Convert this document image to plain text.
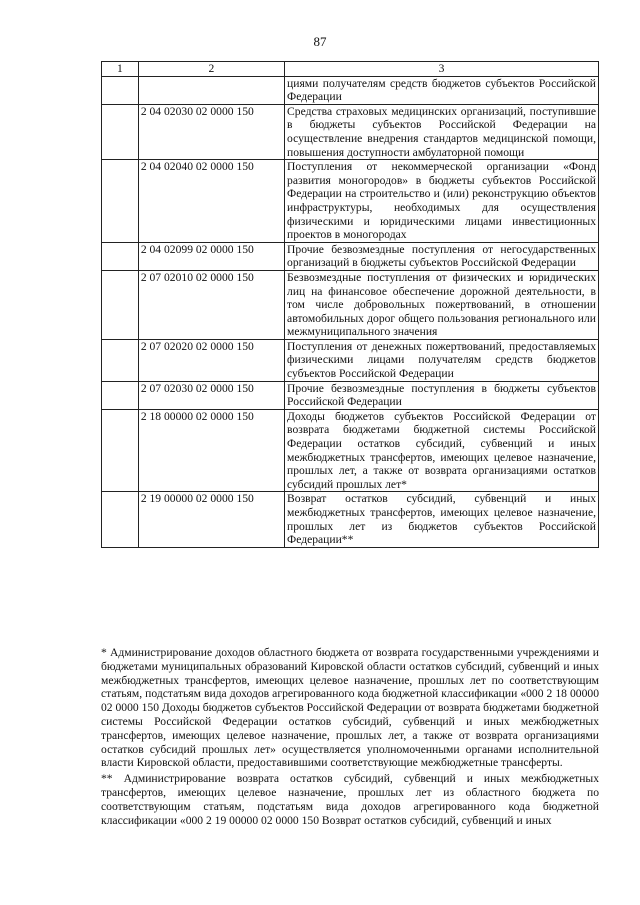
87
1	2	3
		циями получателям средств бюджетов субъектов Российской Федерации
	2 04 02030 02 0000 150	Средства страховых медицинских организаций, поступившие в бюджеты субъектов Российской Федерации на осуществление внедрения стандартов медицинской помощи, повышения доступности амбулаторной помощи
	2 04 02040 02 0000 150	Поступления от некоммерческой организации «Фонд развития моногородов» в бюджеты субъектов Российской Федерации на строительство и (или) реконструкцию объектов инфраструктуры, необходимых для осуществления физическими и юридическими лицами инвестиционных проектов в моногородах
	2 04 02099 02 0000 150	Прочие безвозмездные поступления от негосударственных организаций в бюджеты субъектов Российской Федерации
	2 07 02010 02 0000 150	Безвозмездные поступления от физических и юридических лиц на финансовое обеспечение дорожной деятельности, в том числе добровольных пожертвований, в отношении автомобильных дорог общего пользования регионального или межмуниципального значения
	2 07 02020 02 0000 150	Поступления от денежных пожертвований, предоставляемых физическими лицами получателям средств бюджетов субъектов Российской Федерации
	2 07 02030 02 0000 150	Прочие безвозмездные поступления в бюджеты субъектов Российской Федерации
	2 18 00000 02 0000 150	Доходы бюджетов субъектов Российской Федерации от возврата бюджетами бюджетной системы Российской Федерации остатков субсидий, субвенций и иных межбюджетных трансфертов, имеющих целевое назначение, прошлых лет, а также от возврата организациями остатков субсидий прошлых лет*
	2 19 00000 02 0000 150	Возврат остатков субсидий, субвенций и иных межбюджетных трансфертов, имеющих целевое назначение, прошлых лет из бюджетов субъектов Российской Федерации**

* Администрирование доходов областного бюджета от возврата государственными учреждениями и бюджетами муниципальных образований Кировской области остатков субсидий, субвенций и иных межбюджетных трансфертов, имеющих целевое назначение, прошлых лет по соответствующим статьям, подстатьям вида доходов агрегированного кода бюджетной классификации «000 2 18 00000 02 0000 150 Доходы бюджетов субъектов Российской Федерации от возврата бюджетами бюджетной системы Российской Федерации остатков субсидий, субвенций и иных межбюджетных трансфертов, имеющих целевое назначение, прошлых лет, а также от возврата организациями остатков субсидий прошлых лет» осуществляется уполномоченными органами исполнительной власти Кировской области, предоставившими соответствующие межбюджетные трансферты.

** Администрирование возврата остатков субсидий, субвенций и иных межбюджетных трансфертов, имеющих целевое назначение, прошлых лет из областного бюджета по соответствующим статьям, подстатьям вида доходов агрегированного кода бюджетной классификации «000 2 19 00000 02 0000 150 Возврат остатков субсидий, субвенций и иных
